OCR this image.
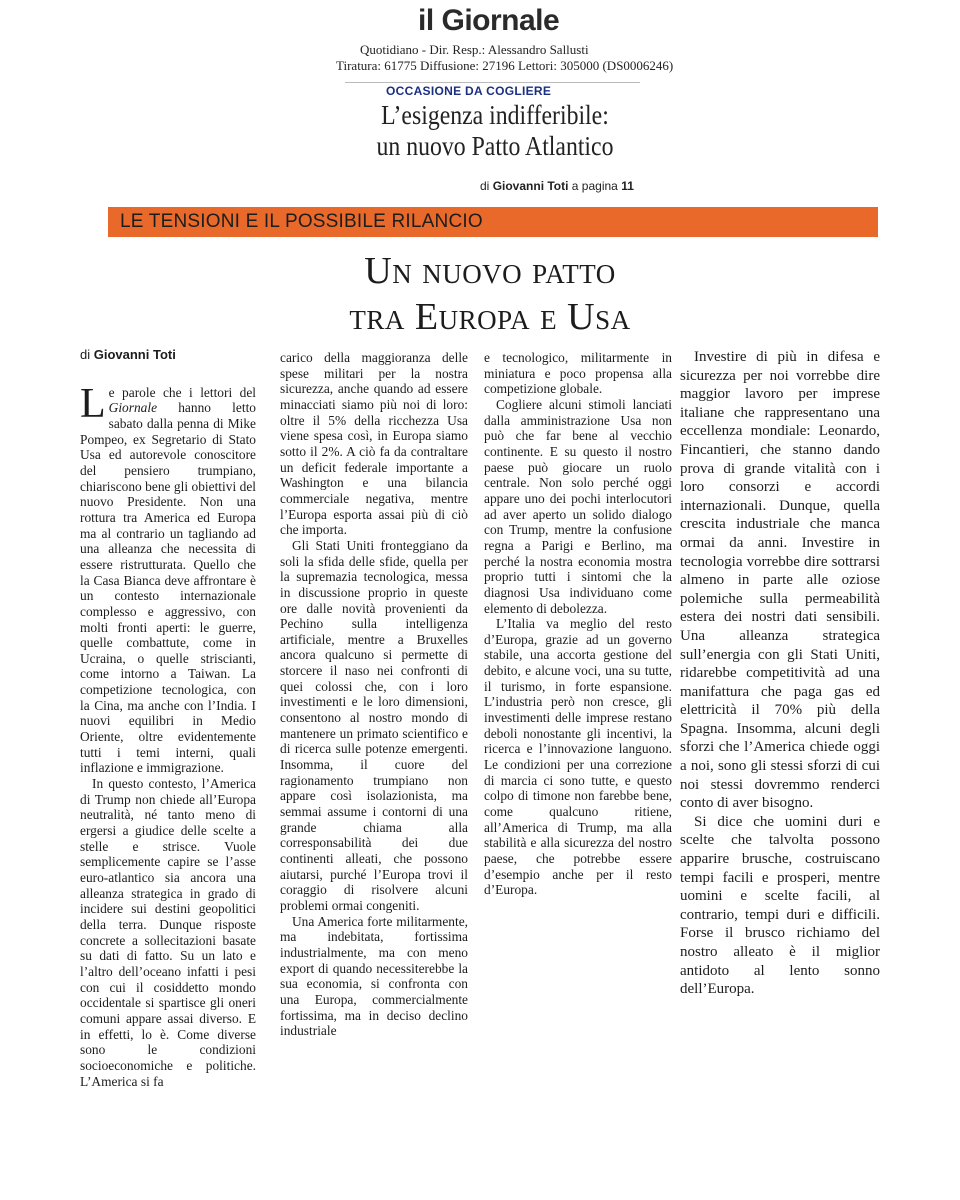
il Giornale
Quotidiano - Dir. Resp.: Alessandro Sallusti
Tiratura: 61775 Diffusione: 27196 Lettori: 305000 (DS0006246)
OCCASIONE DA COGLIERE
L’esigenza indifferibile:
un nuovo Patto Atlantico
di Giovanni Toti a pagina 11
LE TENSIONI E IL POSSIBILE RILANCIO
Un nuovo patto
tra Europa e Usa
di Giovanni Toti

Le parole che i lettori del Giornale hanno letto sabato dalla penna di Mike Pompeo, ex Segretario di Stato Usa ed autorevole conoscitore del pensiero trumpiano, chiariscono bene gli obiettivi del nuovo Presidente. Non una rottura tra America ed Europa ma al contrario un tagliando ad una alleanza che necessita di essere ristrutturata. Quello che la Casa Bianca deve affrontare è un contesto internazionale complesso e aggressivo, con molti fronti aperti: le guerre, quelle combattute, come in Ucraina, o quelle striscianti, come intorno a Taiwan. La competizione tecnologica, con la Cina, ma anche con l’India. I nuovi equilibri in Medio Oriente, oltre evidentemente tutti i temi interni, quali inflazione e immigrazione.

In questo contesto, l’America di Trump non chiede all’Europa neutralità, né tanto meno di ergersi a giudice delle scelte a stelle e strisce. Vuole semplicemente capire se l’asse euro-atlantico sia ancora una alleanza strategica in grado di incidere sui destini geopolitici della terra. Dunque risposte concrete a sollecitazioni basate su dati di fatto. Su un lato e l’altro dell’oceano infatti i pesi con cui il cosiddetto mondo occidentale si spartisce gli oneri comuni appare assai diverso. E in effetti, lo è. Come diverse sono le condizioni socioeconomiche e politiche. L’America si fa

carico della maggioranza delle spese militari per la nostra sicurezza, anche quando ad essere minacciati siamo più noi di loro: oltre il 5% della ricchezza Usa viene spesa così, in Europa siamo sotto il 2%. A ciò fa da contraltare un deficit federale importante a Washington e una bilancia commerciale negativa, mentre l’Europa esporta assai più di ciò che importa.

Gli Stati Uniti fronteggiano da soli la sfida delle sfide, quella per la supremazia tecnologica, messa in discussione proprio in queste ore dalle novità provenienti da Pechino sulla intelligenza artificiale, mentre a Bruxelles ancora qualcuno si permette di storcere il naso nei confronti di quei colossi che, con i loro investimenti e le loro dimensioni, consentono al nostro mondo di mantenere un primato scientifico e di ricerca sulle potenze emergenti. Insomma, il cuore del ragionamento trumpiano non appare così isolazionista, ma semmai assume i contorni di una grande chiama alla corresponsabilità dei due continenti alleati, che possono aiutarsi, purché l’Europa trovi il coraggio di risolvere alcuni problemi ormai congeniti.

Una America forte militarmente, ma indebitata, fortissima industrialmente, ma con meno export di quando necessiterebbe la sua economia, si confronta con una Europa, commercialmente fortissima, ma in deciso declino industriale

e tecnologico, militarmente in miniatura e poco propensa alla competizione globale.

Cogliere alcuni stimoli lanciati dalla amministrazione Usa non può che far bene al vecchio continente. E su questo il nostro paese può giocare un ruolo centrale. Non solo perché oggi appare uno dei pochi interlocutori ad aver aperto un solido dialogo con Trump, mentre la confusione regna a Parigi e Berlino, ma perché la nostra economia mostra proprio tutti i sintomi che la diagnosi Usa individuano come elemento di debolezza.

L’Italia va meglio del resto d’Europa, grazie ad un governo stabile, una accorta gestione del debito, e alcune voci, una su tutte, il turismo, in forte espansione. L’industria però non cresce, gli investimenti delle imprese restano deboli nonostante gli incentivi, la ricerca e l’innovazione languono. Le condizioni per una correzione di marcia ci sono tutte, e questo colpo di timone non farebbe bene, come qualcuno ritiene, all’America di Trump, ma alla stabilità e alla sicurezza del nostro paese, che potrebbe essere d’esempio anche per il resto d’Europa.

Investire di più in difesa e sicurezza per noi vorrebbe dire maggior lavoro per imprese italiane che rappresentano una eccellenza mondiale: Leonardo, Fincantieri, che stanno dando prova di grande vitalità con i loro consorzi e accordi internazionali. Dunque, quella crescita industriale che manca ormai da anni. Investire in tecnologia vorrebbe dire sottrarsi almeno in parte alle oziose polemiche sulla permeabilità estera dei nostri dati sensibili. Una alleanza strategica sull’energia con gli Stati Uniti, ridarebbe competitività ad una manifattura che paga gas ed elettricità il 70% più della Spagna. Insomma, alcuni degli sforzi che l’America chiede oggi a noi, sono gli stessi sforzi di cui noi stessi dovremmo renderci conto di aver bisogno.

Si dice che uomini duri e scelte che talvolta possono apparire brusche, costruiscano tempi facili e prosperi, mentre uomini e scelte facili, al contrario, tempi duri e difficili. Forse il brusco richiamo del nostro alleato è il miglior antidoto al lento sonno dell’Europa.
